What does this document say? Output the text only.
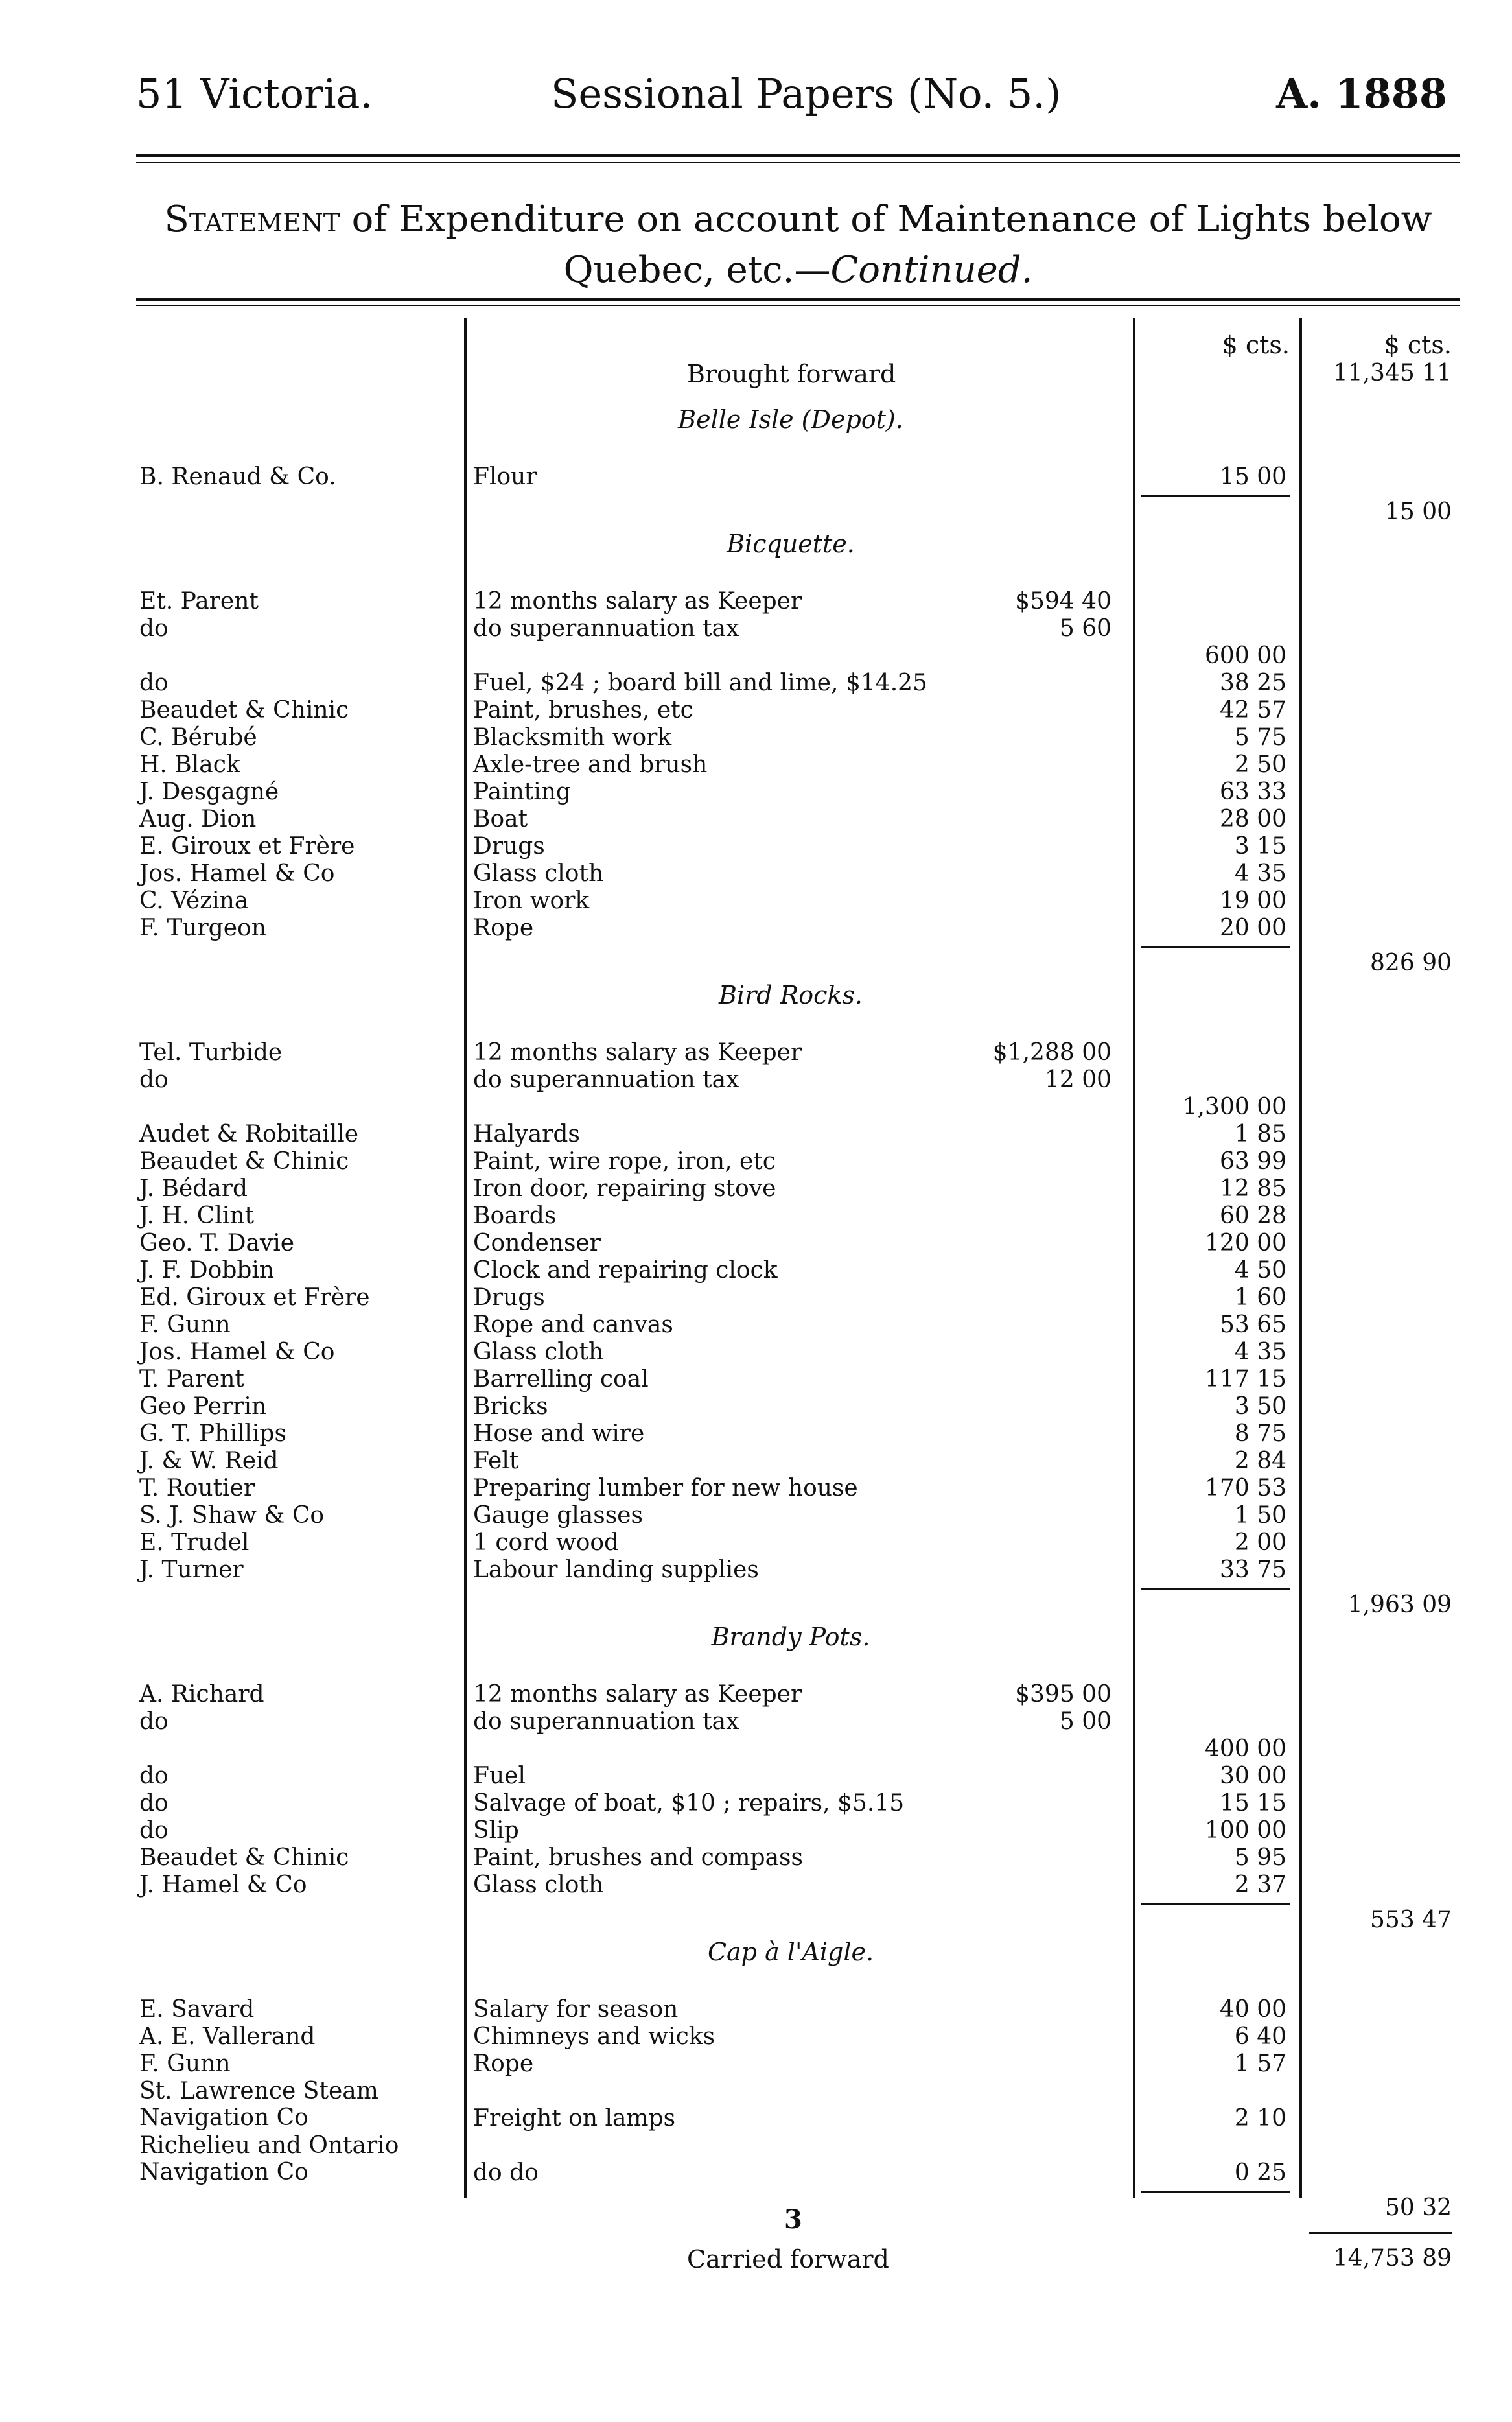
51 Victoria.	Sessional Papers (No. 5.)	A. 1888
Statement of Expenditure on account of Maintenance of Lights below
Quebec, etc.—Continued.
$ cts.	$ cts.
Brought forward	11,345 11
Belle Isle (Depot).
B. Renaud & Co.	Flour	15 00
15 00
Bicquette.
Et. Parent	12 months salary as Keeper	$594 40
do	do superannuation tax	5 60
600 00
do	Fuel, $24 ; board bill and lime, $14.25	38 25
Beaudet & Chinic	Paint, brushes, etc	42 57
C. Bérubé	Blacksmith work	5 75
H. Black	Axle-tree and brush	2 50
J. Desgagné	Painting	63 33
Aug. Dion	Boat	28 00
E. Giroux et Frère	Drugs	3 15
Jos. Hamel & Co	Glass cloth	4 35
C. Vézina	Iron work	19 00
F. Turgeon	Rope	20 00
826 90
Bird Rocks.
Tel. Turbide	12 months salary as Keeper	$1,288 00
do	do superannuation tax	12 00
1,300 00
Audet & Robitaille	Halyards	1 85
Beaudet & Chinic	Paint, wire rope, iron, etc	63 99
J. Bédard	Iron door, repairing stove	12 85
J. H. Clint	Boards	60 28
Geo. T. Davie	Condenser	120 00
J. F. Dobbin	Clock and repairing clock	4 50
Ed. Giroux et Frère	Drugs	1 60
F. Gunn	Rope and canvas	53 65
Jos. Hamel & Co	Glass cloth	4 35
T. Parent	Barrelling coal	117 15
Geo Perrin	Bricks	3 50
G. T. Phillips	Hose and wire	8 75
J. & W. Reid	Felt	2 84
T. Routier	Preparing lumber for new house	170 53
S. J. Shaw & Co	Gauge glasses	1 50
E. Trudel	1 cord wood	2 00
J. Turner	Labour landing supplies	33 75
1,963 09
Brandy Pots.
A. Richard	12 months salary as Keeper	$395 00
do	do superannuation tax	5 00
400 00
do	Fuel	30 00
do	Salvage of boat, $10 ; repairs, $5.15	15 15
do	Slip	100 00
Beaudet & Chinic	Paint, brushes and compass	5 95
J. Hamel & Co	Glass cloth	2 37
553 47
Cap à l'Aigle.
E. Savard	Salary for season	40 00
A. E. Vallerand	Chimneys and wicks	6 40
F. Gunn	Rope	1 57
St. Lawrence Steam Navigation Co	Freight on lamps	2 10
Richelieu and Ontario Navigation Co	do do	0 25
50 32
Carried forward	14,753 89
3
